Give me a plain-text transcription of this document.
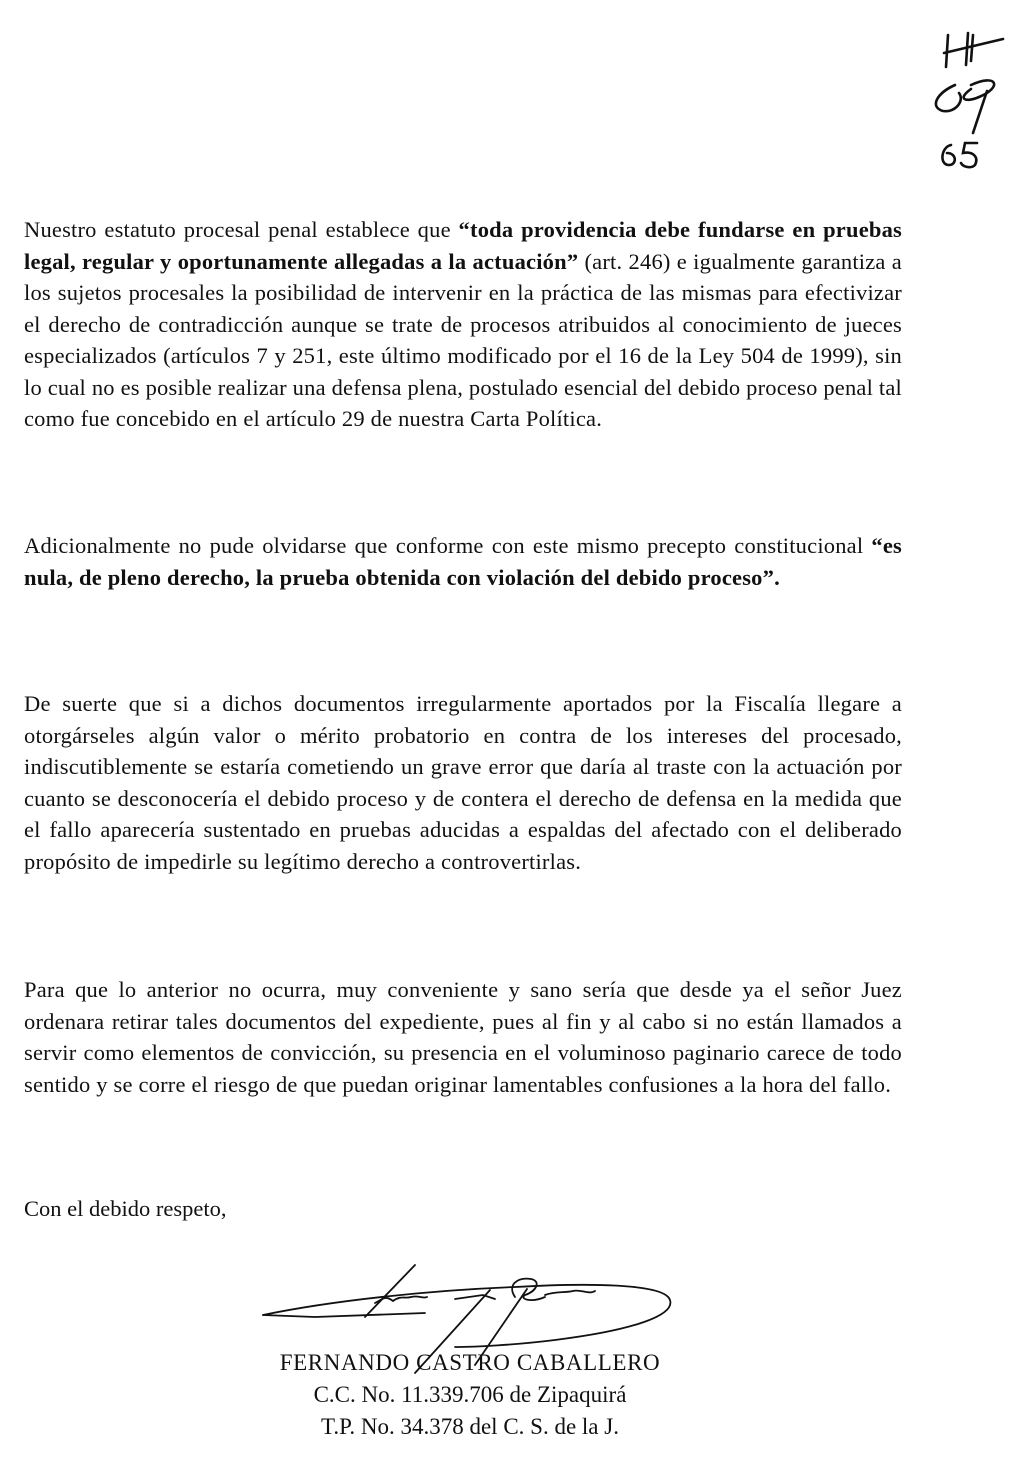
Nuestro estatuto procesal penal establece que “toda providencia debe fundarse en pruebas legal, regular y oportunamente allegadas a la actuación” (art. 246) e igualmente garantiza a los sujetos procesales la posibilidad de intervenir en la práctica de las mismas para efectivizar el derecho de contradicción aunque se trate de procesos atribuidos al conocimiento de jueces especializados (artículos 7 y 251, este último modificado por el 16 de la Ley 504 de 1999), sin lo cual no es posible realizar una defensa plena, postulado esencial del debido proceso penal tal como fue concebido en el artículo 29 de nuestra Carta Política.

Adicionalmente no pude olvidarse que conforme con este mismo precepto constitucional “es nula, de pleno derecho, la prueba obtenida con violación del debido proceso”.

De suerte que si a dichos documentos irregularmente aportados por la Fiscalía llegare a otorgárseles algún valor o mérito probatorio en contra de los intereses del procesado, indiscutiblemente se estaría cometiendo un grave error que daría al traste con la actuación por cuanto se desconocería el debido proceso y de contera el derecho de defensa en la medida que el fallo aparecería sustentado en pruebas aducidas a espaldas del afectado con el deliberado propósito de impedirle su legítimo derecho a controvertirlas.

Para que lo anterior no ocurra, muy conveniente y sano sería que desde ya el señor Juez ordenara retirar tales documentos del expediente, pues al fin y al cabo si no están llamados a servir como elementos de convicción, su presencia en el voluminoso paginario carece de todo sentido y se corre el riesgo de que puedan originar lamentables confusiones a la hora del fallo.

Con el debido respeto,

FERNANDO CASTRO CABALLERO
C.C. No. 11.339.706 de Zipaquirá
T.P. No. 34.378 del C. S. de la J.
